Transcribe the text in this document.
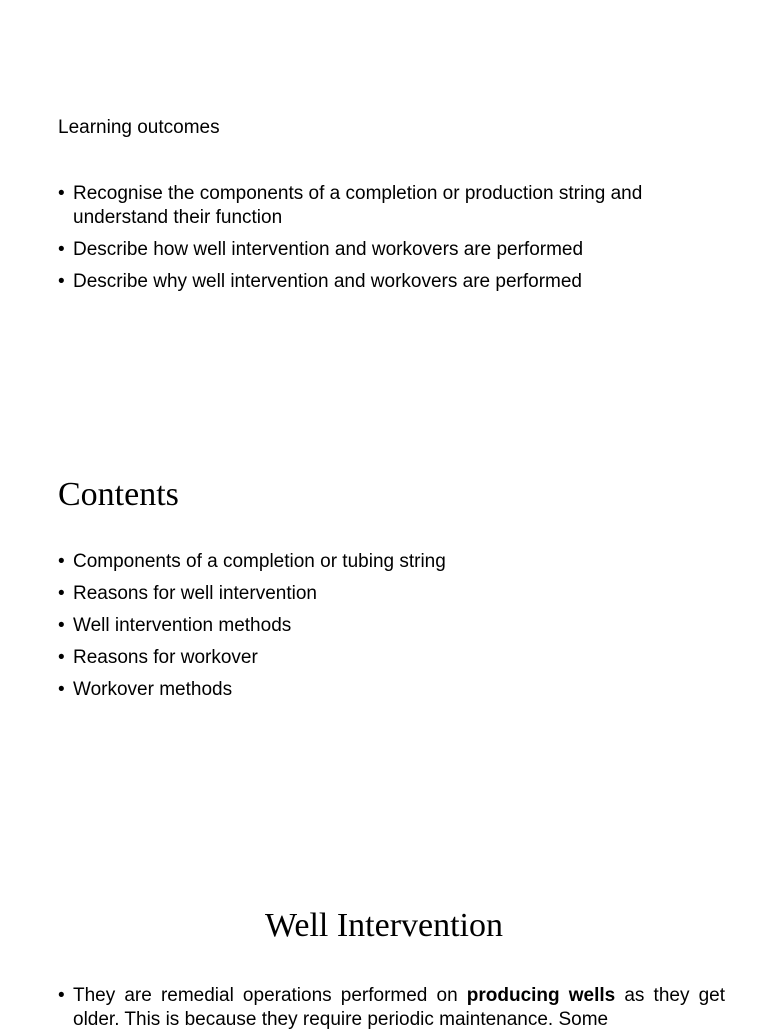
Learning outcomes
• Recognise the components of a completion or production string and understand their function
• Describe how well intervention and workovers are performed
• Describe why well intervention and workovers are performed
Contents
• Components of a completion or tubing string
• Reasons for well intervention
• Well intervention methods
• Reasons for workover
• Workover methods
Well Intervention

• They are remedial operations performed on producing wells as they get older. This is because they require periodic maintenance. Some
